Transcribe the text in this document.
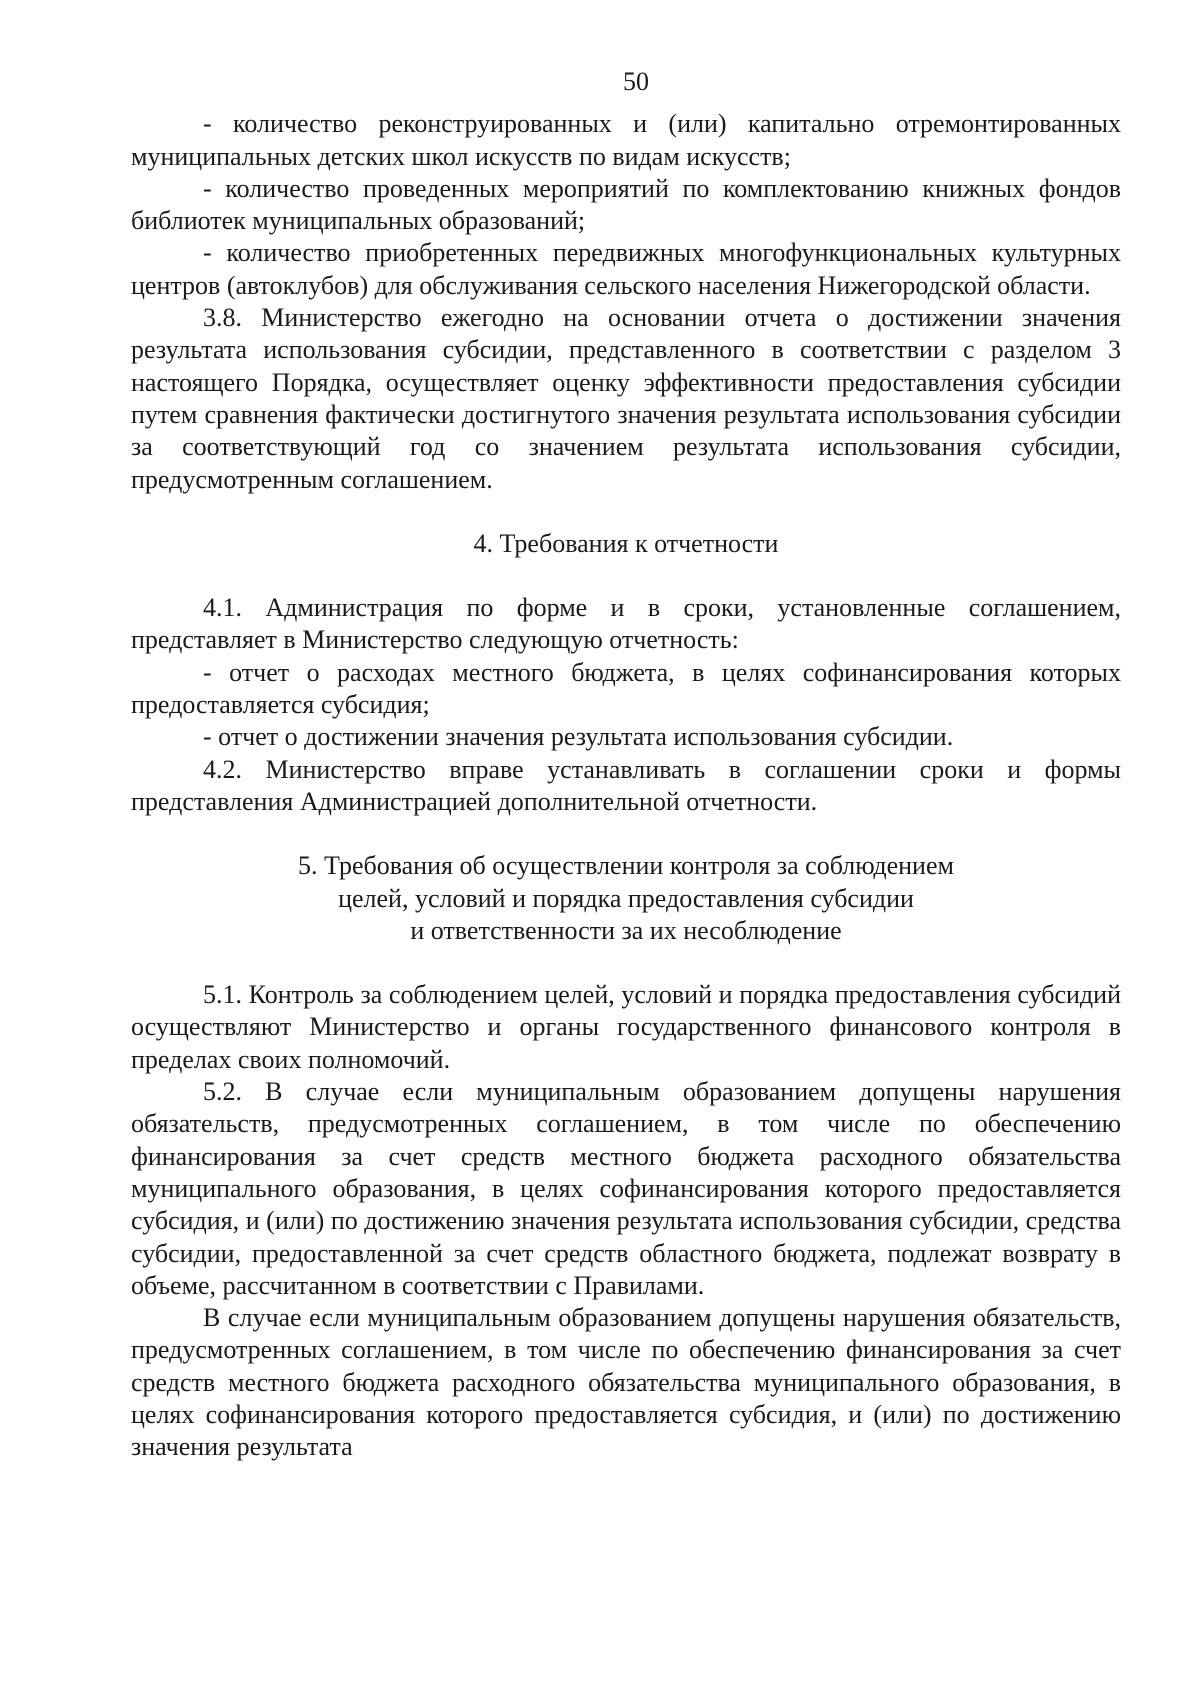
50

- количество реконструированных и (или) капитально отремонтированных муниципальных детских школ искусств по видам искусств;

- количество проведенных мероприятий по комплектованию книжных фондов библиотек муниципальных образований;

- количество приобретенных передвижных многофункциональных культурных центров (автоклубов) для обслуживания сельского населения Нижегородской области.

3.8. Министерство ежегодно на основании отчета о достижении значения результата использования субсидии, представленного в соответствии с разделом 3 настоящего Порядка, осуществляет оценку эффективности предоставления субсидии путем сравнения фактически достигнутого значения результата использования субсидии за соответствующий год со значением результата использования субсидии, предусмотренным соглашением.

4. Требования к отчетности

4.1. Администрация по форме и в сроки, установленные соглашением, представляет в Министерство следующую отчетность:

- отчет о расходах местного бюджета, в целях софинансирования которых предоставляется субсидия;

- отчет о достижении значения результата использования субсидии.

4.2. Министерство вправе устанавливать в соглашении сроки и формы представления Администрацией дополнительной отчетности.

5. Требования об осуществлении контроля за соблюдением

целей, условий и порядка предоставления субсидии

и ответственности за их несоблюдение

5.1. Контроль за соблюдением целей, условий и порядка предоставления субсидий осуществляют Министерство и органы государственного финансового контроля в пределах своих полномочий.

5.2. В случае если муниципальным образованием допущены нарушения обязательств, предусмотренных соглашением, в том числе по обеспечению финансирования за счет средств местного бюджета расходного обязательства муниципального образования, в целях софинансирования которого предоставляется субсидия, и (или) по достижению значения результата использования субсидии, средства субсидии, предоставленной за счет средств областного бюджета, подлежат возврату в объеме, рассчитанном в соответствии с Правилами.

В случае если муниципальным образованием допущены нарушения обязательств, предусмотренных соглашением, в том числе по обеспечению финансирования за счет средств местного бюджета расходного обязательства муниципального образования, в целях софинансирования которого предоставляется субсидия, и (или) по достижению значения результата
